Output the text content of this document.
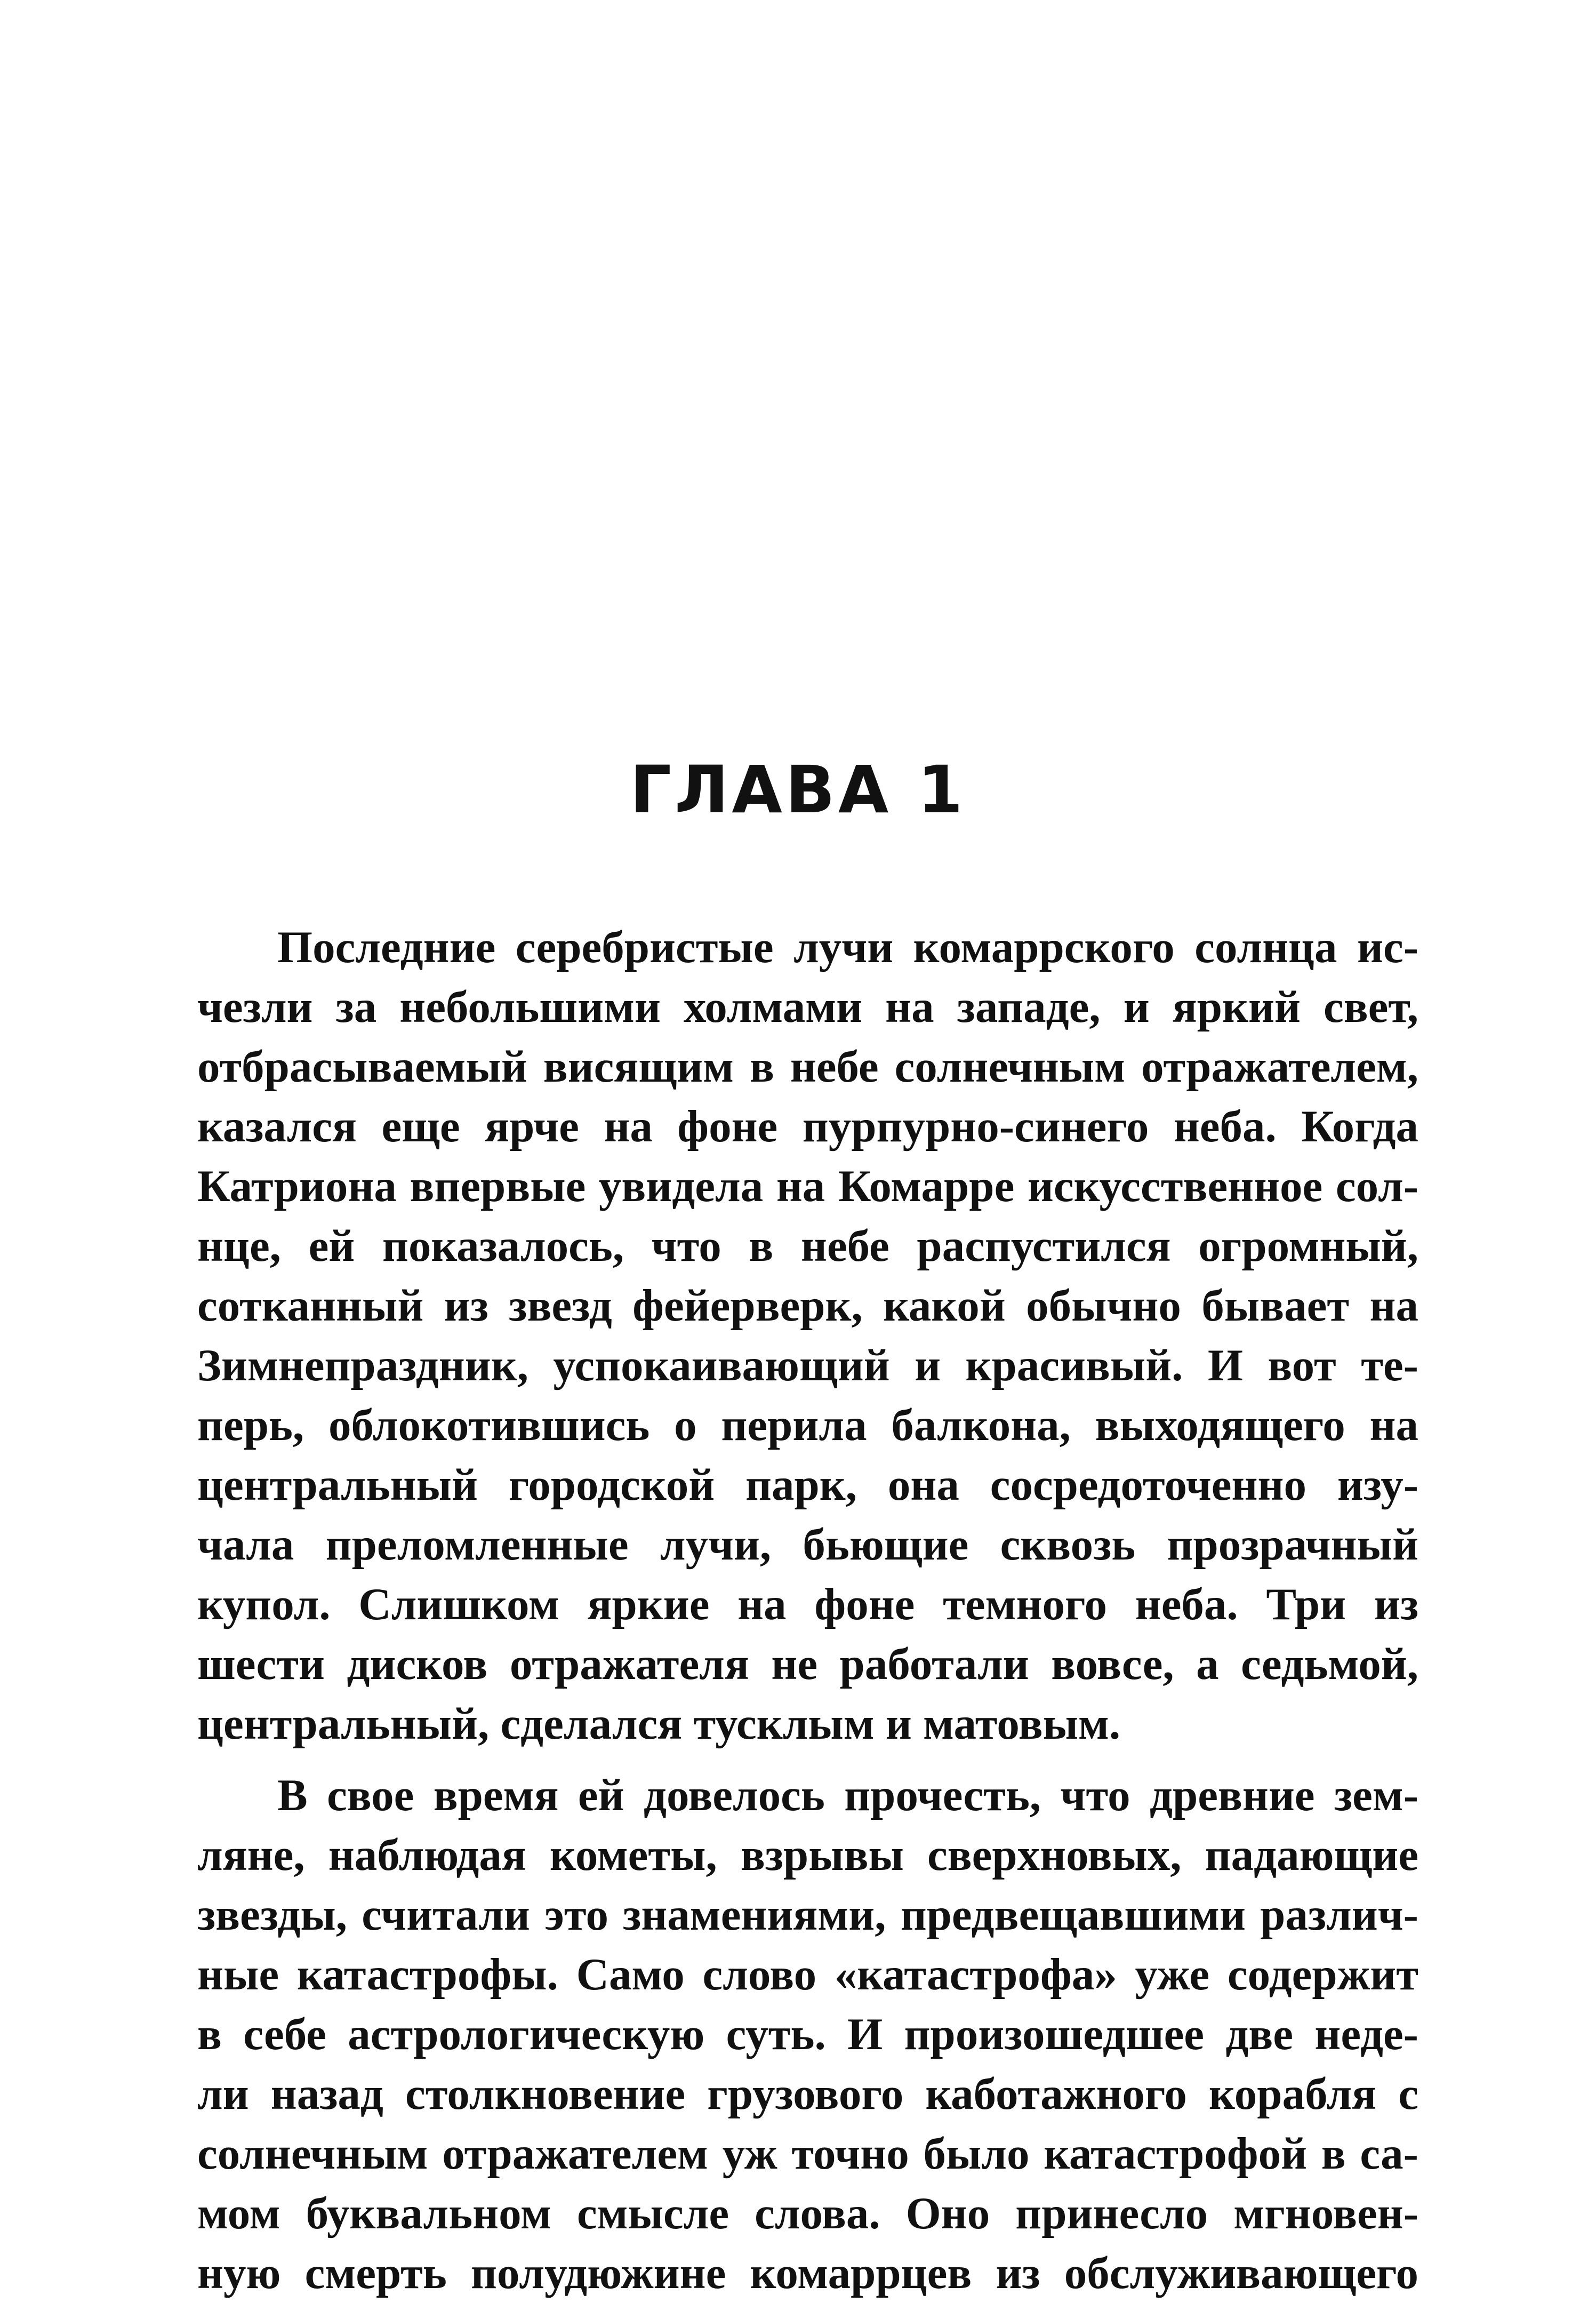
ГЛАВА 1
Последние серебристые лучи комаррского солнца ис-
чезли за небольшими холмами на западе, и яркий свет,
отбрасываемый висящим в небе солнечным отражателем,
казался еще ярче на фоне пурпурно-синего неба. Когда
Катриона впервые увидела на Комарре искусственное сол-
нце, ей показалось, что в небе распустился огромный,
сотканный из звезд фейерверк, какой обычно бывает на
Зимнепраздник, успокаивающий и красивый. И вот те-
перь, облокотившись о перила балкона, выходящего на
центральный городской парк, она сосредоточенно изу-
чала преломленные лучи, бьющие сквозь прозрачный
купол. Слишком яркие на фоне темного неба. Три из
шести дисков отражателя не работали вовсе, а седьмой,
центральный, сделался тусклым и матовым.
В свое время ей довелось прочесть, что древние зем-
ляне, наблюдая кометы, взрывы сверхновых, падающие
звезды, считали это знамениями, предвещавшими различ-
ные катастрофы. Само слово «катастрофа» уже содержит
в себе астрологическую суть. И произошедшее две неде-
ли назад столкновение грузового каботажного корабля с
солнечным отражателем уж точно было катастрофой в са-
мом буквальном смысле слова. Оно принесло мгновен-
ную смерть полудюжине комаррцев из обслуживающего
